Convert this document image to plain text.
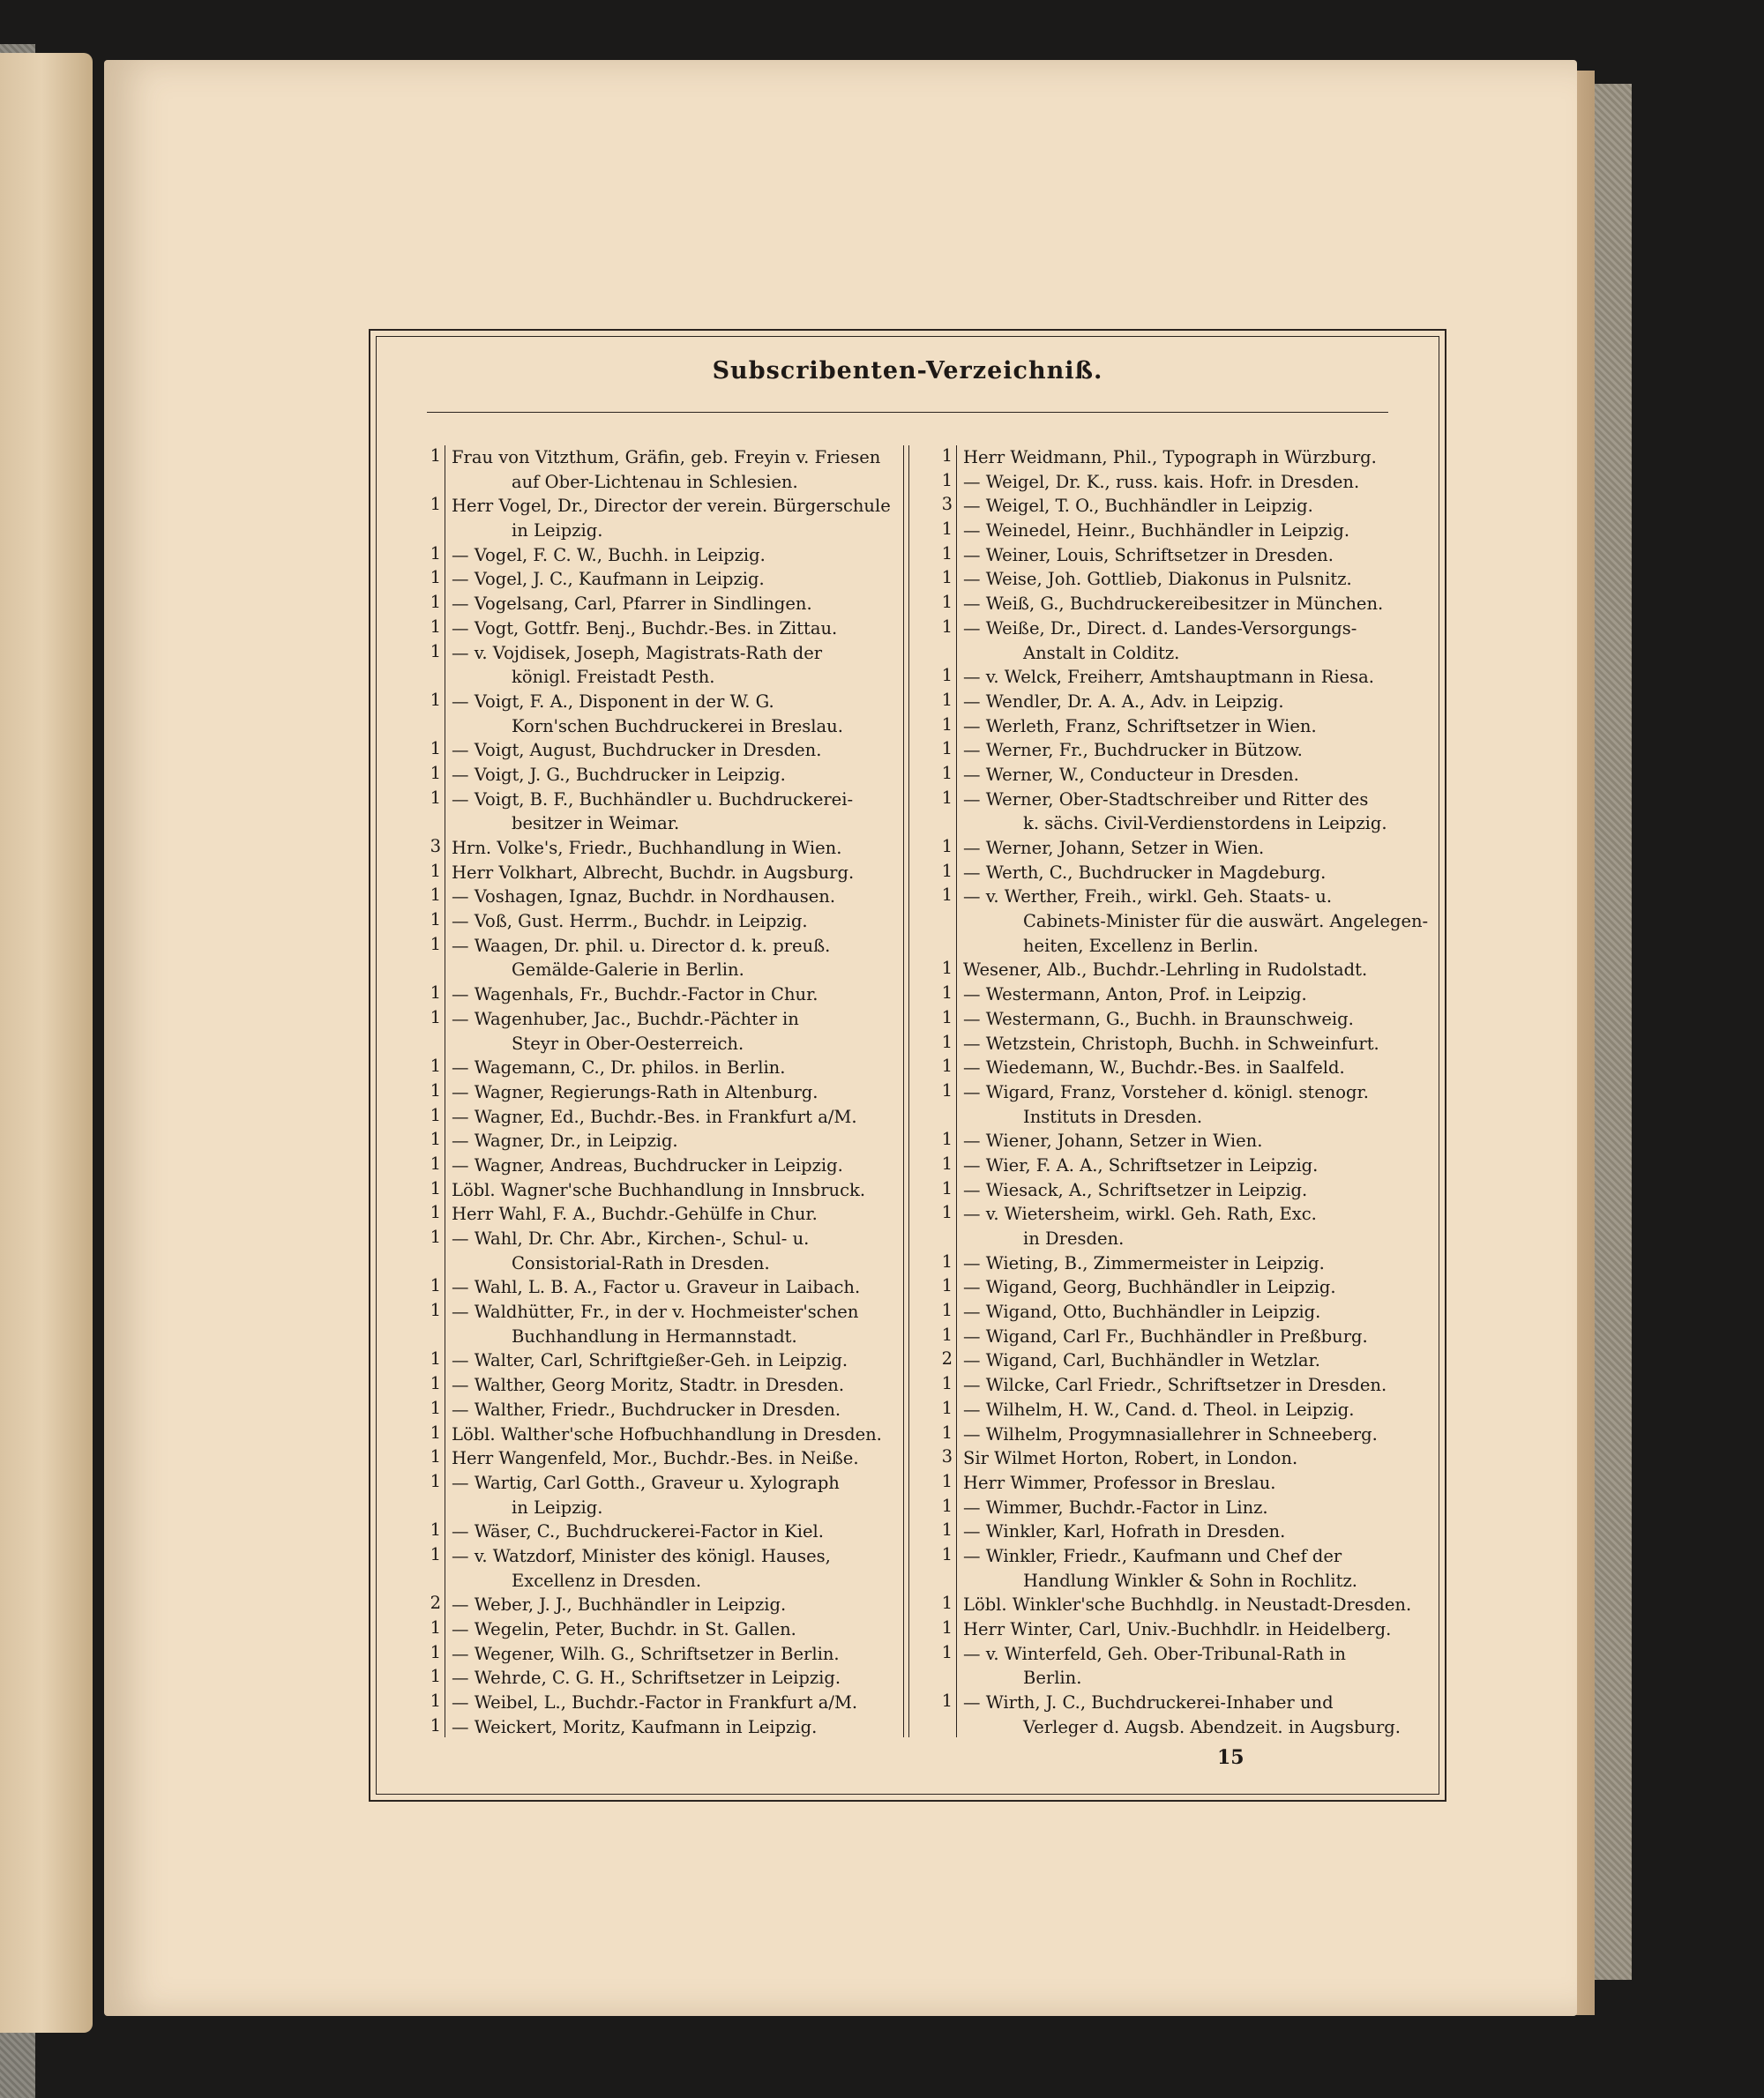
Subscribenten-Verzeichniß.
1 Frau von Vitzthum, Gräfin, geb. Freyin v. Friesen
auf Ober-Lichtenau in Schlesien.
1 Herr Vogel, Dr., Director der verein. Bürgerschule
in Leipzig.
1 — Vogel, F. C. W., Buchh. in Leipzig.
1 — Vogel, J. C., Kaufmann in Leipzig.
1 — Vogelsang, Carl, Pfarrer in Sindlingen.
1 — Vogt, Gottfr. Benj., Buchdr.-Bes. in Zittau.
1 — v. Vojdisek, Joseph, Magistrats-Rath der
königl. Freistadt Pesth.
1 — Voigt, F. A., Disponent in der W. G.
Korn'schen Buchdruckerei in Breslau.
1 — Voigt, August, Buchdrucker in Dresden.
1 — Voigt, J. G., Buchdrucker in Leipzig.
1 — Voigt, B. F., Buchhändler u. Buchdruckerei-
besitzer in Weimar.
3 Hrn. Volke's, Friedr., Buchhandlung in Wien.
1 Herr Volkhart, Albrecht, Buchdr. in Augsburg.
1 — Voshagen, Ignaz, Buchdr. in Nordhausen.
1 — Voß, Gust. Herrm., Buchdr. in Leipzig.
1 — Waagen, Dr. phil. u. Director d. k. preuß.
Gemälde-Galerie in Berlin.
1 — Wagenhals, Fr., Buchdr.-Factor in Chur.
1 — Wagenhuber, Jac., Buchdr.-Pächter in
Steyr in Ober-Oesterreich.
1 — Wagemann, C., Dr. philos. in Berlin.
1 — Wagner, Regierungs-Rath in Altenburg.
1 — Wagner, Ed., Buchdr.-Bes. in Frankfurt a/M.
1 — Wagner, Dr., in Leipzig.
1 — Wagner, Andreas, Buchdrucker in Leipzig.
1 Löbl. Wagner'sche Buchhandlung in Innsbruck.
1 Herr Wahl, F. A., Buchdr.-Gehülfe in Chur.
1 — Wahl, Dr. Chr. Abr., Kirchen-, Schul- u.
Consistorial-Rath in Dresden.
1 — Wahl, L. B. A., Factor u. Graveur in Laibach.
1 — Waldhütter, Fr., in der v. Hochmeister'schen
Buchhandlung in Hermannstadt.
1 — Walter, Carl, Schriftgießer-Geh. in Leipzig.
1 — Walther, Georg Moritz, Stadtr. in Dresden.
1 — Walther, Friedr., Buchdrucker in Dresden.
1 Löbl. Walther'sche Hofbuchhandlung in Dresden.
1 Herr Wangenfeld, Mor., Buchdr.-Bes. in Neiße.
1 — Wartig, Carl Gotth., Graveur u. Xylograph
in Leipzig.
1 — Wäser, C., Buchdruckerei-Factor in Kiel.
1 — v. Watzdorf, Minister des königl. Hauses,
Excellenz in Dresden.
2 — Weber, J. J., Buchhändler in Leipzig.
1 — Wegelin, Peter, Buchdr. in St. Gallen.
1 — Wegener, Wilh. G., Schriftsetzer in Berlin.
1 — Wehrde, C. G. H., Schriftsetzer in Leipzig.
1 — Weibel, L., Buchdr.-Factor in Frankfurt a/M.
1 — Weickert, Moritz, Kaufmann in Leipzig.
1 Herr Weidmann, Phil., Typograph in Würzburg.
1 — Weigel, Dr. K., russ. kais. Hofr. in Dresden.
3 — Weigel, T. O., Buchhändler in Leipzig.
1 — Weinedel, Heinr., Buchhändler in Leipzig.
1 — Weiner, Louis, Schriftsetzer in Dresden.
1 — Weise, Joh. Gottlieb, Diakonus in Pulsnitz.
1 — Weiß, G., Buchdruckereibesitzer in München.
1 — Weiße, Dr., Direct. d. Landes-Versorgungs-
Anstalt in Colditz.
1 — v. Welck, Freiherr, Amtshauptmann in Riesa.
1 — Wendler, Dr. A. A., Adv. in Leipzig.
1 — Werleth, Franz, Schriftsetzer in Wien.
1 — Werner, Fr., Buchdrucker in Bützow.
1 — Werner, W., Conducteur in Dresden.
1 — Werner, Ober-Stadtschreiber und Ritter des
k. sächs. Civil-Verdienstordens in Leipzig.
1 — Werner, Johann, Setzer in Wien.
1 — Werth, C., Buchdrucker in Magdeburg.
1 — v. Werther, Freih., wirkl. Geh. Staats- u.
Cabinets-Minister für die auswärt. Angelegen-
heiten, Excellenz in Berlin.
1 Wesener, Alb., Buchdr.-Lehrling in Rudolstadt.
1 — Westermann, Anton, Prof. in Leipzig.
1 — Westermann, G., Buchh. in Braunschweig.
1 — Wetzstein, Christoph, Buchh. in Schweinfurt.
1 — Wiedemann, W., Buchdr.-Bes. in Saalfeld.
1 — Wigard, Franz, Vorsteher d. königl. stenogr.
Instituts in Dresden.
1 — Wiener, Johann, Setzer in Wien.
1 — Wier, F. A. A., Schriftsetzer in Leipzig.
1 — Wiesack, A., Schriftsetzer in Leipzig.
1 — v. Wietersheim, wirkl. Geh. Rath, Exc.
in Dresden.
1 — Wieting, B., Zimmermeister in Leipzig.
1 — Wigand, Georg, Buchhändler in Leipzig.
1 — Wigand, Otto, Buchhändler in Leipzig.
1 — Wigand, Carl Fr., Buchhändler in Preßburg.
2 — Wigand, Carl, Buchhändler in Wetzlar.
1 — Wilcke, Carl Friedr., Schriftsetzer in Dresden.
1 — Wilhelm, H. W., Cand. d. Theol. in Leipzig.
1 — Wilhelm, Progymnasiallehrer in Schneeberg.
3 Sir Wilmet Horton, Robert, in London.
1 Herr Wimmer, Professor in Breslau.
1 — Wimmer, Buchdr.-Factor in Linz.
1 — Winkler, Karl, Hofrath in Dresden.
1 — Winkler, Friedr., Kaufmann und Chef der
Handlung Winkler & Sohn in Rochlitz.
1 Löbl. Winkler'sche Buchhdlg. in Neustadt-Dresden.
1 Herr Winter, Carl, Univ.-Buchhdlr. in Heidelberg.
1 — v. Winterfeld, Geh. Ober-Tribunal-Rath in
Berlin.
1 — Wirth, J. C., Buchdruckerei-Inhaber und
Verleger d. Augsb. Abendzeit. in Augsburg.
15
